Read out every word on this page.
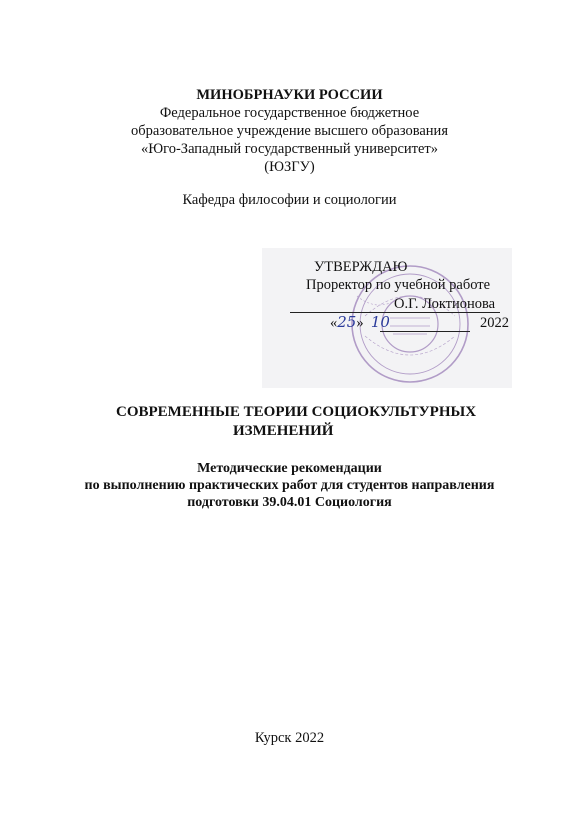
МИНОБРНАУКИ РОССИИ
Федеральное государственное бюджетное
образовательное учреждение высшего образования
«Юго-Западный государственный университет»
(ЮЗГУ)
Кафедра философии и социологии
УТВЕРЖДАЮ
Проректор по учебной работе
О.Г. Локтионова
«25» 10	2022
СОВРЕМЕННЫЕ ТЕОРИИ СОЦИОКУЛЬТУРНЫХ
ИЗМЕНЕНИЙ
Методические рекомендации
по выполнению практических работ для студентов направления
подготовки 39.04.01 Социология
Курск 2022
